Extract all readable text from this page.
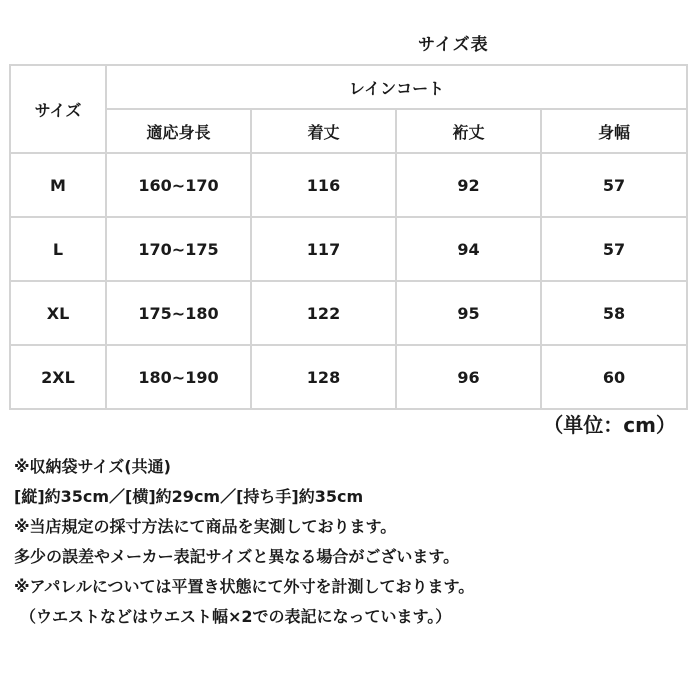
サイズ表
サイズ	レインコート			
	適応身長	着丈	裄丈	身幅
M	160~170	116	92	57
L	170~175	117	94	57
XL	175~180	122	95	58
2XL	180~190	128	96	60
（単位：cm）
※収納袋サイズ(共通)
[縦]約35cm／[横]約29cm／[持ち手]約35cm
※当店規定の採寸方法にて商品を実測しております。
多少の誤差やメーカー表記サイズと異なる場合がございます。
※アパレルについては平置き状態にて外寸を計測しております。
（ウエストなどはウエスト幅×2での表記になっています。）
